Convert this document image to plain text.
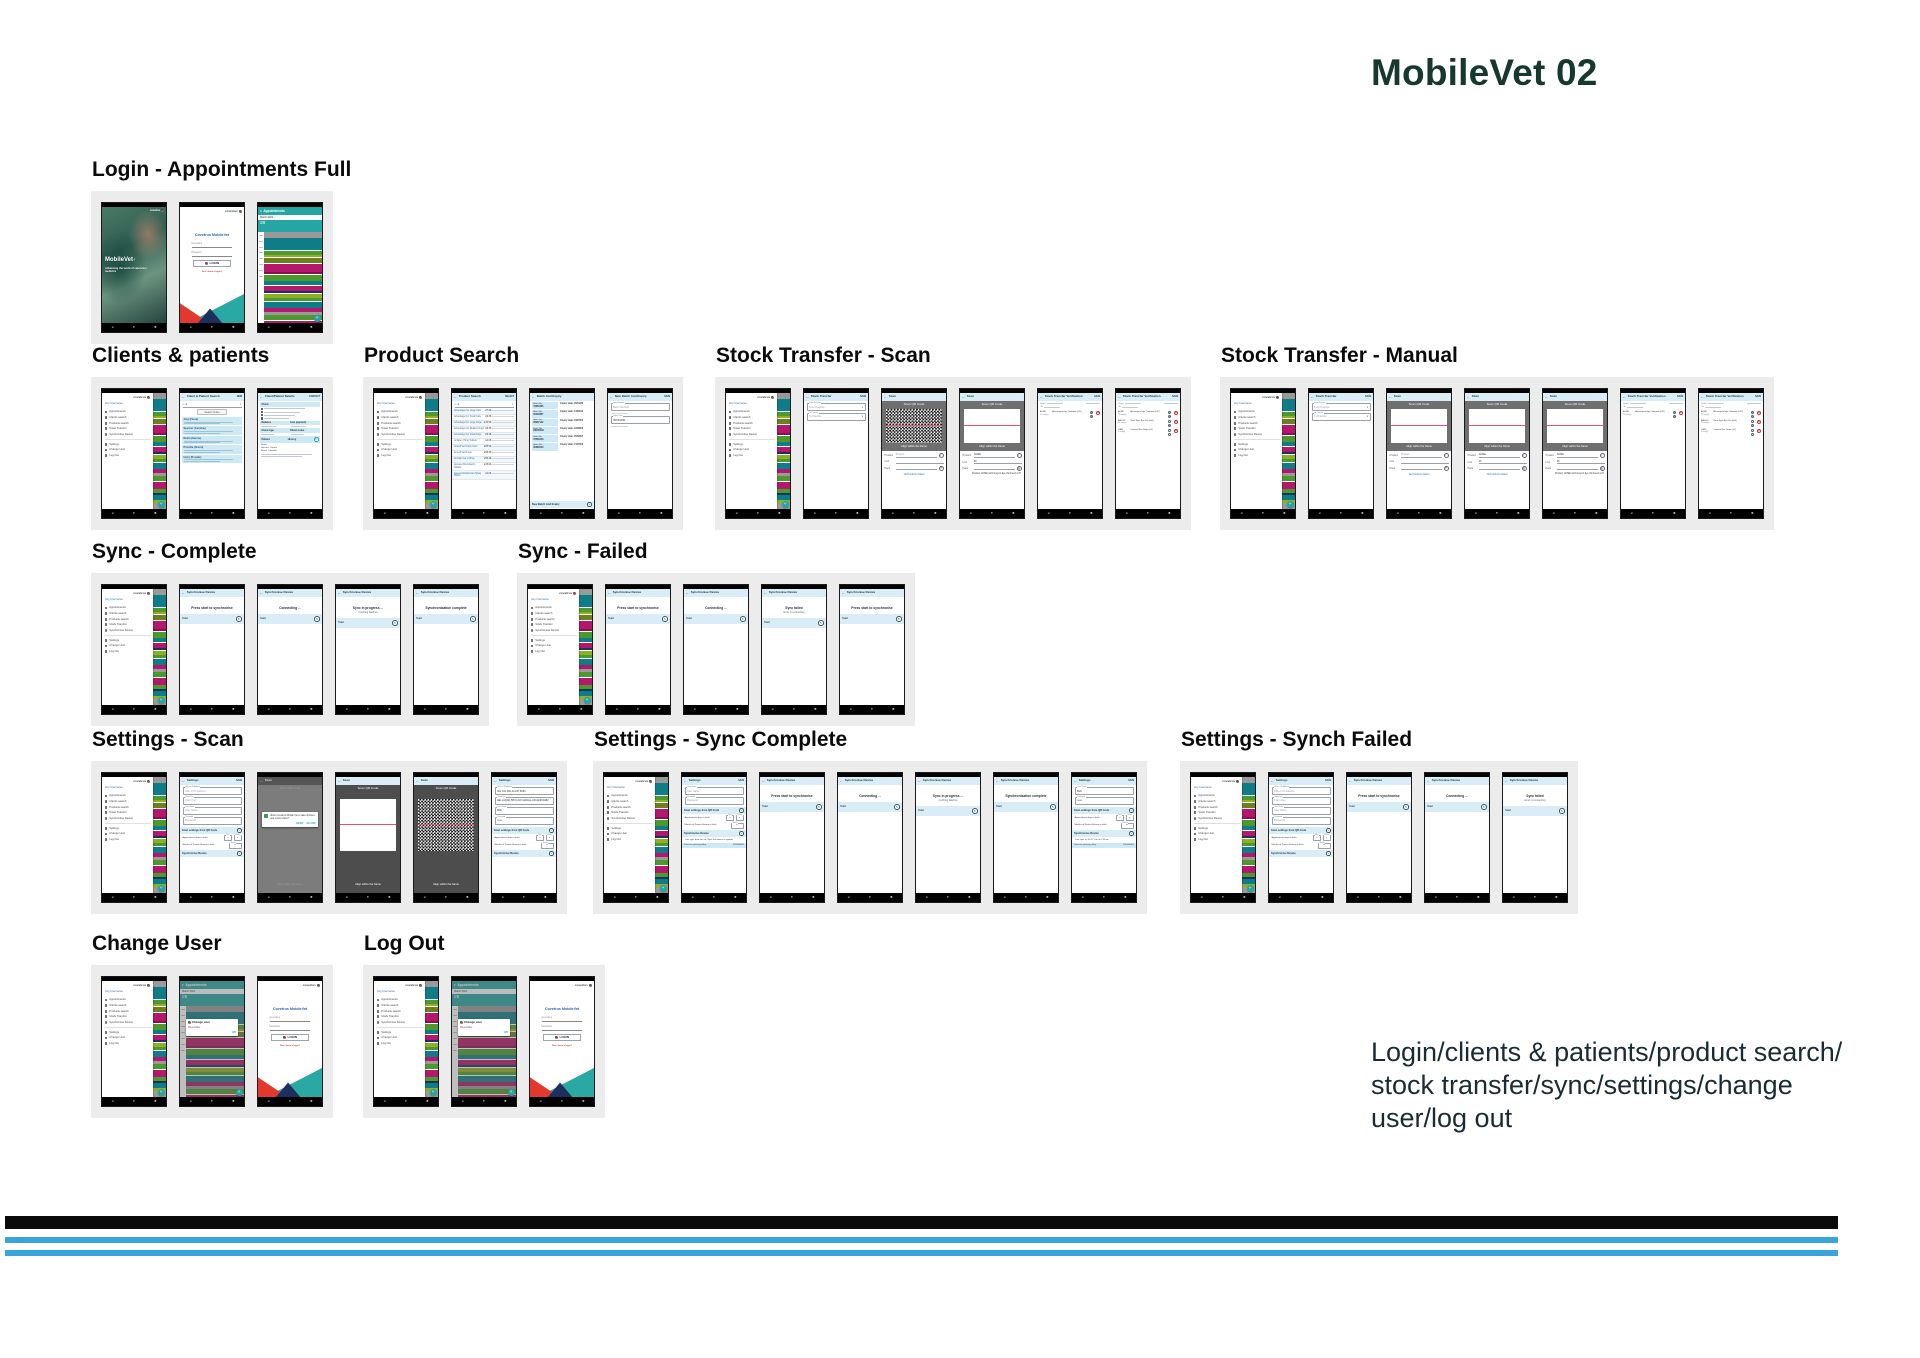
MobileVet 02
Login - Appointments Full
covetrus
MobileVet+
Advancing the world of veterinary medicine
◂	●	■
covetrus
Covetrus MobileVet
Username
Password
LOGIN
Don't have a login?
◂	●	■
≡ Appointments
March 2021
26
+
◂	●	■
Clients & patients
covetrus
Any Username
Appointments
Clients search
Products search
Stock Transfer
Synchronise Device
Settings
Change User
Log Out
+
◂	●	■
← Client & Patient Search	NEW
⌕ a	×
Search Online
Jorg (Fiona)
Spencer (Caroline)
Nedra (Garcia)
Priscilla (Alston)
Harry (Rosalie)
◂	●	■
← Client/Patient Details	CONTACT
Client
Balance	Last payment
Client Age	Client notes
Patient	History	↻
Name:
Species: Canine
Breed: Labrador
◂	●	■
Product Search
covetrus
Any Username
Appointments
Clients search
Products search
Stock Transfer
Synchronise Device
Settings
Change User
Log Out
+
◂	●	■
← Product Search	SELECT
⌕ a	×
Advantage For Large Cats	£7.20
Advantage For Small Cats	£9.35
Advantage For Large Dogs	£32.50
Advantage For Medium Dogs £8.35
Advantage For Small Dogs	£9.35
Amfipen 70mg Tablets	£4.05
Amoxil Vet Drops 10ml	£55.50
Amoxil Vet Drops	£58.45
Amodip Cat 1.25mg	£55.45
Apoquel Roundworm Tablets
£45.60
Aqueos Disinfectant Spray 500ml
£4.05
◂	●	■
← Batch And Expiry
Batch No:
79953206
Expiry date: 26/11/20
Batch No:
50446867
Expiry date: 13/09/14
Batch No:
28937122
Expiry date: 04/07/04
Batch No:
H9200002
Expiry date: 22/09/00
Batch No:
76566249
Expiry date: 20/02/07
Batch No:
35880040
Expiry date: 21/07/06
New Batch And Expiry	+
◂	●	■
← New Batch And Expiry	SAVE
Batch Number
Batch Number
Expiry Date
06/06/2021
◂	●	■
Stock Transfer - Scan
covetrus
Any Username
Appointments
Clients search
Products search
Stock Transfer
Synchronise Device
Settings
Change User
Log Out
+
◂	●	■
← Stock Transfer	SAVE
From Practice
From Practice	▾
To Practice
To Practice	▾
◂	●	■
← Scan
Scan QR Code
Align within the frame
Product	Product	⌕
Unit
Pack	▥
No Products Added
◂	●	■
← Scan
Scan QR Code
Align within the frame
Product	ACME	⌕
Unit	25
Pack	▥
Product: ACME (Achromycin Eye Ointment) x70
◂	●	■
← Stock Transfer Verification	SAVE
From
To
ACME
70 unit(s)
Achromycin Eye Ointment (x70)	▲
▼
⊗
◂	●	■
← Stock Transfer Verification	SAVE
From
To
ACME
70 unit(s)
Achromycin Eye Ointment (x70)	▲
▼
⊗
BAU047
50 unit(s)
Clear Eyes Eye Pro (x50)	▲
▼
⊗
CAN1
1 unit(s)
Canaural Ear Drops (x1)	▲
▼
⊗
◂	●	■
Stock Transfer - Manual
covetrus
Any Username
Appointments
Clients search
Products search
Stock Transfer
Synchronise Device
Settings
Change User
Log Out
+
◂	●	■
← Stock Transfer	SAVE
From Practice
From Practice	▾
To Practice
To Practice	▾
◂	●	■
← Scan
Scan QR Code
Align within the frame
Product	Product	⌕
Unit
Pack	▥
No Products Added
◂	●	■
← Scan
Scan QR Code
Align within the frame
Product	ACME	⌕
Unit	25
Pack	▥
No Products Added
◂	●	■
← Scan
Scan QR Code
Align within the frame
Product	ACME	⌕
Unit	25
Pack	▥
Product: ACME (Achromycin Eye Ointment) x70
◂	●	■
← Stock Transfer Verification	SAVE
From
To
ACME
70 unit(s)
Achromycin Eye Ointment (x70)	▲
▼
⊗
◂	●	■
← Stock Transfer Verification	SAVE
From
To
ACME
70 unit(s)
Achromycin Eye Ointment (x70)	▲
▼
⊗
BAU047
50 unit(s)
Clear Eyes Eye Pro (x50)	▲
▼
⊗
CAN1
1 unit(s)
Canaural Ear Drops (x1)	▲
▼
⊗
◂	●	■
Sync - Complete
covetrus
Any Username
Appointments
Clients search
Products search
Stock Transfer
Synchronise Device
Settings
Change User
Log Out
+
◂	●	■
← Synchronise Device
Press start to synchronise
Start	↻
◂	●	■
← Synchronise Device
Connecting ...
Start	↻
◂	●	■
← Synchronise Device
Sync in progress ...
synching batches
Start	↻
◂	●	■
← Synchronise Device
Synchronisation complete
Start	↻
◂	●	■
Sync - Failed
covetrus
Any Username
Appointments
Clients search
Products search
Stock Transfer
Synchronise Device
Settings
Change User
Log Out
+
◂	●	■
← Synchronise Device
Press start to synchronise
Start	↻
◂	●	■
← Synchronise Device
Connecting ...
Start	↻
◂	●	■
← Synchronise Device
Sync failed
Error in connecting
Start	↻
◂	●	■
← Synchronise Device
Press start to synchronise
Start	↻
◂	●	■
Settings - Scan
covetrus
Any Username
Appointments
Clients search
Products search
Stock Transfer
Synchronise Device
Settings
Change User
Log Out
+
◂	●	■
← Settings	SAVE
URL or IP Address
URL or IP Address
Client Key
Client Key
User Name
User Name
Password
Password
Scan settings from QR Code	›
Appointment days to fetch
Past
0
Future
5
Months of Patient History to fetch
Months
12
Synchronise Device	›
◂	●	■
← Scan
Scan QR Code
Allow Covetrus Mobile Vet to take pictures and record video?
DENY ALLOW
Align within the frame
◂	●	■
← Scan
Scan QR Code
Align within the frame
◂	●	■
← Scan
Scan QR Code
Align within the frame
◂	●	■
← Settings	SAVE
URL or IP Address
http://10.200.40.237:8080
Client Key
AELLAQGF-5HCI-4AY4-ENGL-UF1124F0GB2
User Name
Rick
Password
••••••
Scan settings from QR Code	›
Appointment days to fetch
Past
0
Future
5
Months of Patient History to fetch
Months
12
Synchronise Device	›
◂	●	■
Settings - Sync Complete
covetrus
Any Username
Appointments
Clients search
Products search
Stock Transfer
Synchronise Device
Settings
Change User
Log Out
+
◂	●	■
← Settings	SAVE
User Name
User Name
Password
Password
Scan settings from QR Code	›
Appointment days to fetch
Past
0
Future
5
Months of Patient History to fetch
Months
12
Synchronise Device	›
Last sync date not set. Sync the device to update.
View our privacy policy	202006001
◂	●	■
← Synchronise Device
Press start to synchronise
Start	↻
◂	●	■
← Synchronise Device
Connecting ...
Start	↻
◂	●	■
← Synchronise Device
Sync in progress ...
synching batches
Start	↻
◂	●	■
← Synchronise Device
Synchronisation complete
Start	↻
◂	●	■
← Settings	SAVE
User Name
Rick
Password
••••••
Scan settings from QR Code	›
Appointment days to fetch
Past
0
Future
5
Months of Patient History to fetch
Months
12
Synchronise Device	›
Last sync on Fri 12 Jun at 5:15 am
View our privacy policy	202006001
◂	●	■
Settings - Synch Failed
covetrus
Any Username
Appointments
Clients search
Products search
Stock Transfer
Synchronise Device
Settings
Change User
Log Out
+
◂	●	■
← Settings	SAVE
URL or IP Address
URL or IP Address
Client Key
Client Key
User Name
User Name
Password
Password
Scan settings from QR Code	›
Appointment days to fetch
Past
0
Future
5
Months of Patient History to fetch
Months
12
Synchronise Device	›
◂	●	■
← Synchronise Device
Press start to synchronise
Start	↻
◂	●	■
← Synchronise Device
Connecting ...
Start	↻
◂	●	■
← Synchronise Device
Sync failed
Error in connecting
Start	↻
◂	●	■
Change User
covetrus
Any Username
Appointments
Clients search
Products search
Stock Transfer
Synchronise Device
Settings
Change User
Log Out
+
◂	●	■
≡ Appointments
March 2021
26
Change user
Placeholder
OK
+
◂	●	■
covetrus
Covetrus MobileVet
Username
Password
LOGIN
Don't have a login?
◂	●	■
Log Out
covetrus
Any Username
Appointments
Clients search
Products search
Stock Transfer
Synchronise Device
Settings
Change User
Log Out
+
◂	●	■
≡ Appointments
March 2021
26
Change user
Placeholder
OK
+
◂	●	■
covetrus
Covetrus MobileVet
Username
Password
LOGIN
Don't have a login?
◂	●	■

Login/clients & patients/product search/
stock transfer/sync/settings/change
user/log out
